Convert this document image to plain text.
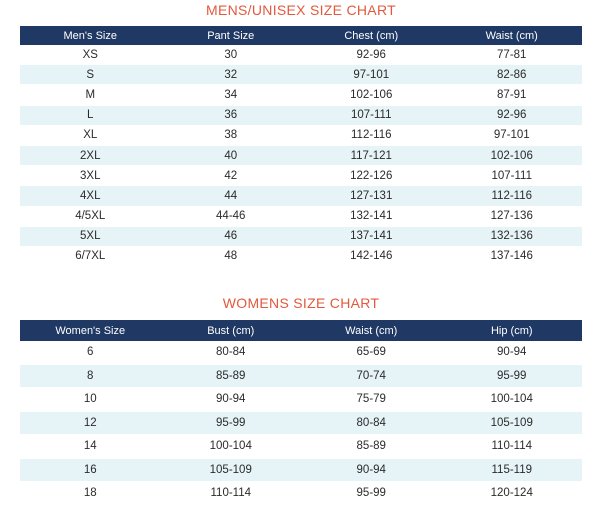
MENS/UNISEX SIZE CHART
Men's Size	Pant Size	Chest (cm)	Waist (cm)
XS	30	92-96	77-81
S	32	97-101	82-86
M	34	102-106	87-91
L	36	107-111	92-96
XL	38	112-116	97-101
2XL	40	117-121	102-106
3XL	42	122-126	107-111
4XL	44	127-131	112-116
4/5XL	44-46	132-141	127-136
5XL	46	137-141	132-136
6/7XL	48	142-146	137-146
WOMENS SIZE CHART
Women's Size	Bust (cm)	Waist (cm)	Hip (cm)
6	80-84	65-69	90-94
8	85-89	70-74	95-99
10	90-94	75-79	100-104
12	95-99	80-84	105-109
14	100-104	85-89	110-114
16	105-109	90-94	115-119
18	110-114	95-99	120-124
